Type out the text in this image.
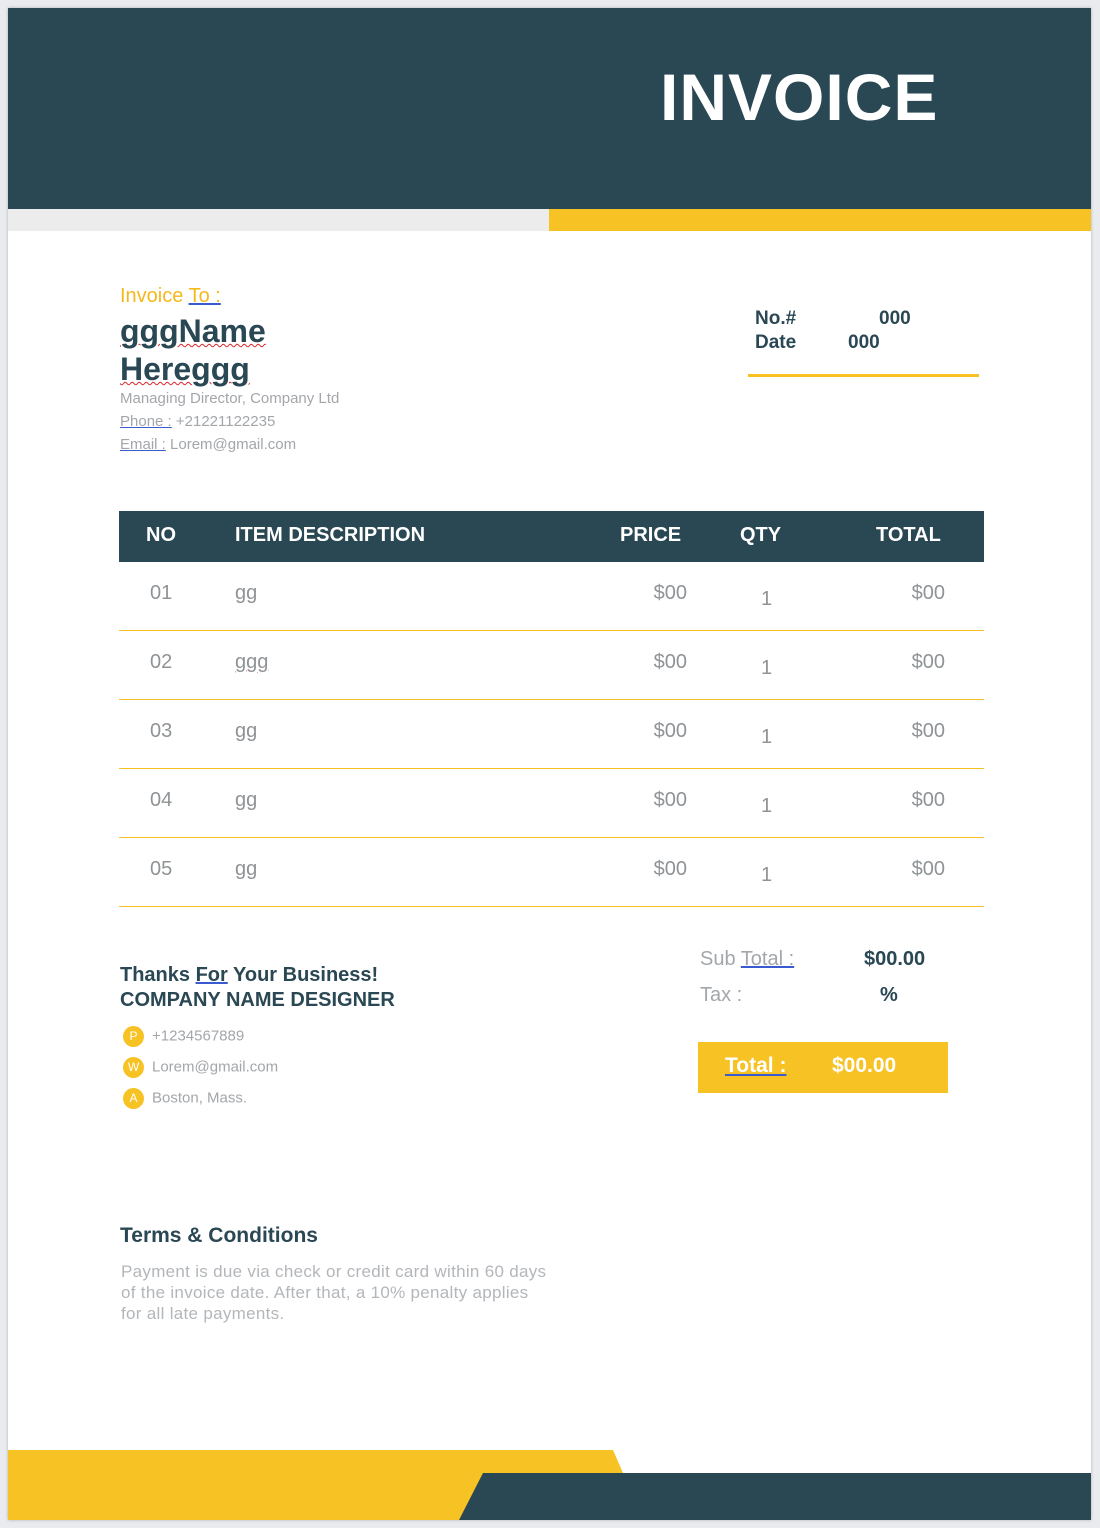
INVOICE
Invoice To :
gggName
Hereggg
Managing Director, Company Ltd
Phone : +21221122235
Email : Lorem@gmail.com
No.#	000
Date	000
NO	ITEM DESCRIPTION	PRICE	QTY	TOTAL
01	gg	$00	1	$00
02	ggg	$00	1	$00
03	gg	$00	1	$00
04	gg	$00	1	$00
05	gg	$00	1	$00
Thanks For Your Business!
COMPANY NAME DESIGNER
P +1234567889
W Lorem@gmail.com
A Boston, Mass.
Sub Total :	$00.00
Tax :	%
Total : $00.00
Terms & Conditions
Payment is due via check or credit card within 60 days of the invoice date. After that, a 10% penalty applies for all late payments.
